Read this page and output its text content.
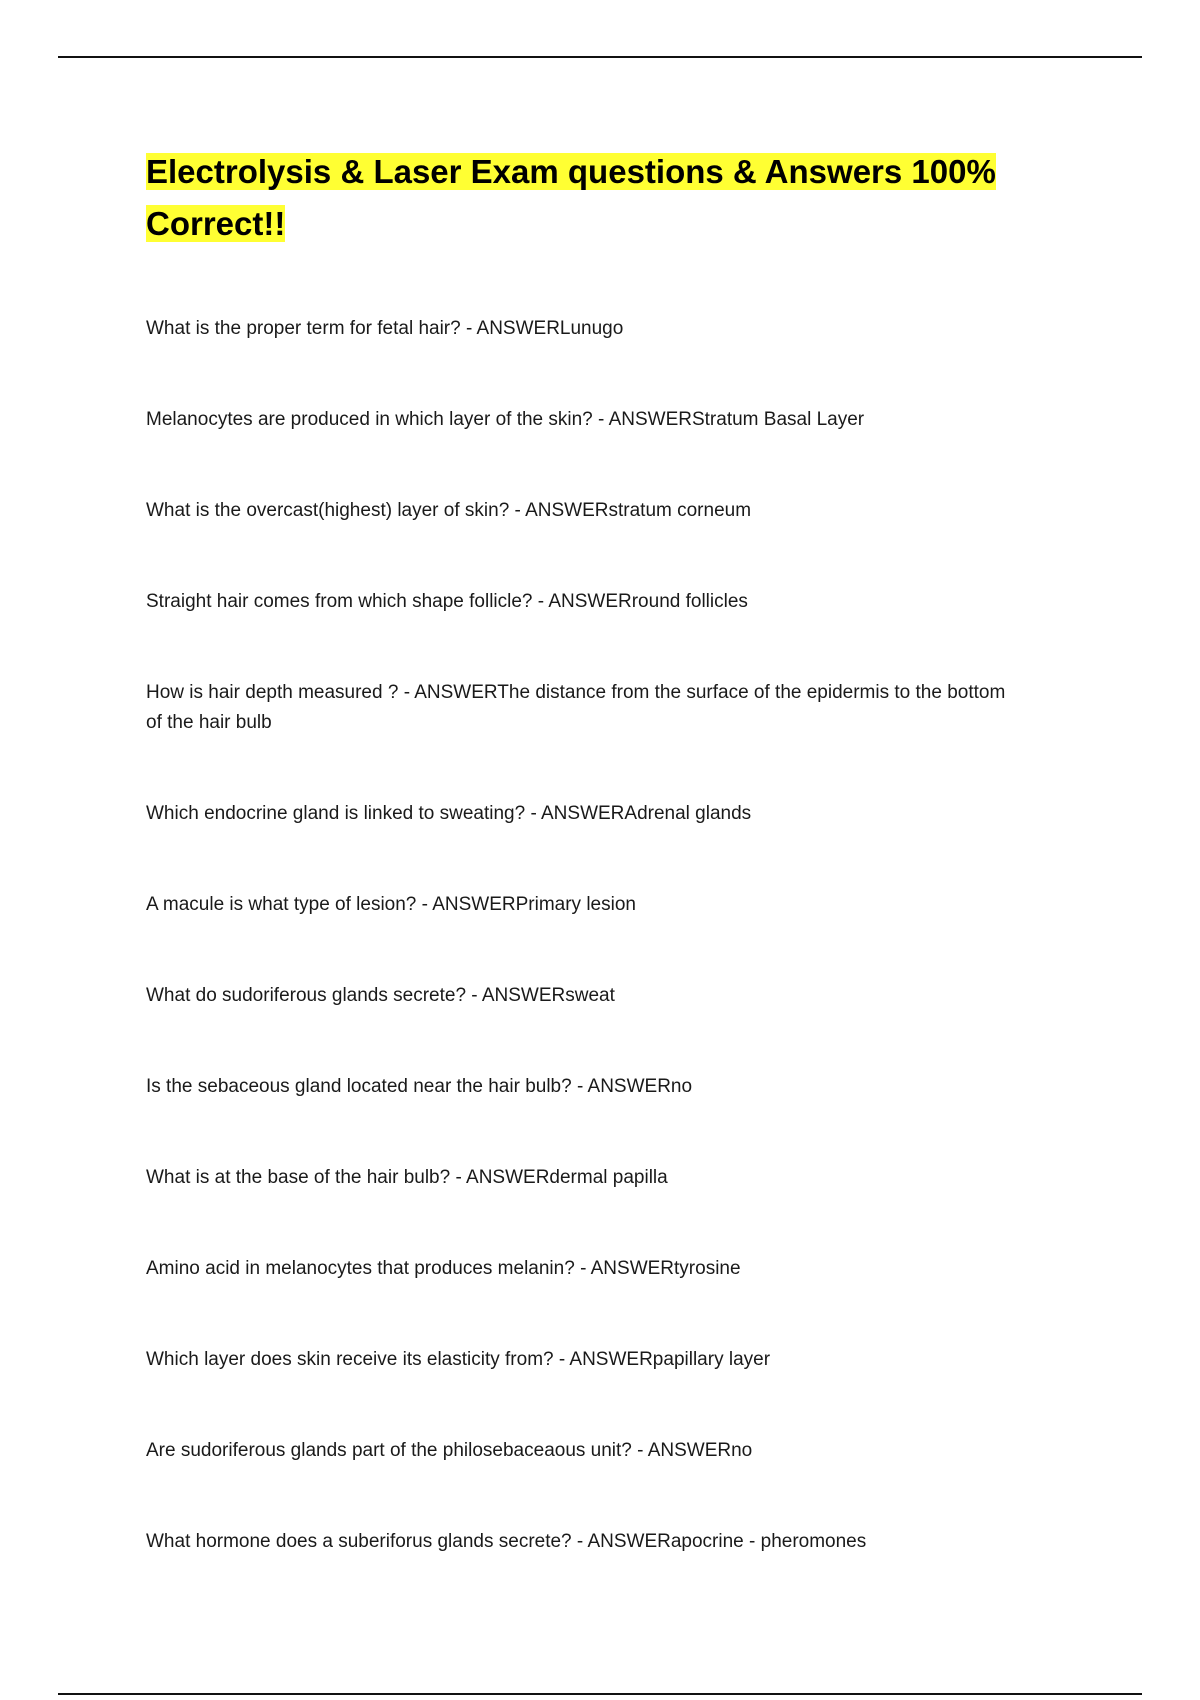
Electrolysis & Laser Exam questions & Answers 100% Correct!!
What is the proper term for fetal hair? - ANSWERLunugo
Melanocytes are produced in which layer of the skin? - ANSWERStratum Basal Layer
What is the overcast(highest) layer of skin? - ANSWERstratum corneum
Straight hair comes from which shape follicle? - ANSWERround follicles
How is hair depth measured ? - ANSWERThe distance from the surface of the epidermis to the bottom of the hair bulb
Which endocrine gland is linked to sweating? - ANSWERAdrenal glands
A macule is what type of lesion? - ANSWERPrimary lesion
What do sudoriferous glands secrete? - ANSWERsweat
Is the sebaceous gland located near the hair bulb? - ANSWERno
What is at the base of the hair bulb? - ANSWERdermal papilla
Amino acid in melanocytes that produces melanin? - ANSWERtyrosine
Which layer does skin receive its elasticity from? - ANSWERpapillary layer
Are sudoriferous glands part of the philosebaceaous unit? - ANSWERno
What hormone does a suberiforus glands secrete? - ANSWERapocrine - pheromones
